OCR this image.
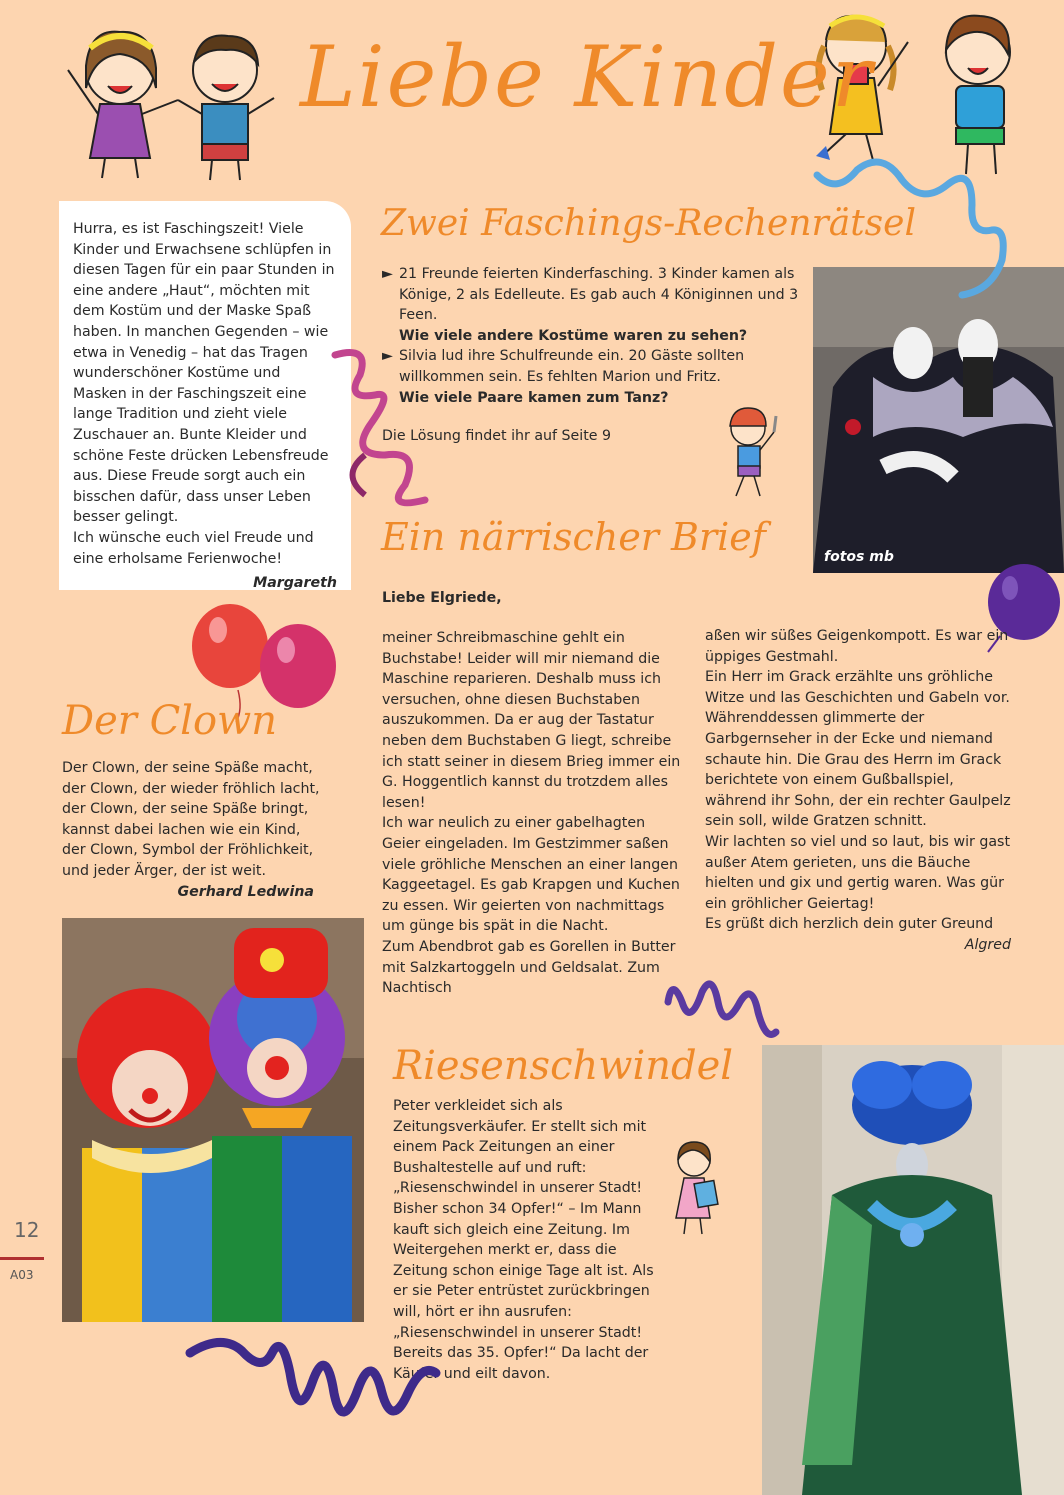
Liebe Kinder

Hurra, es ist Faschingszeit! Viele Kinder und Erwachsene schlüpfen in diesen Tagen für ein paar Stunden in eine andere „Haut“, möchten mit dem Kostüm und der Maske Spaß haben. In manchen Gegenden – wie etwa in Venedig – hat das Tragen wunderschöner Kostüme und Masken in der Faschingszeit eine lange Tradition und zieht viele Zuschauer an. Bunte Kleider und schöne Feste drücken Lebensfreude aus. Diese Freude sorgt auch ein bisschen dafür, dass unser Leben besser gelingt.

Ich wünsche euch viel Freude und eine erholsame Ferienwoche!

Margareth

Zwei Faschings-Rechenrätsel
► 21 Freunde feierten Kinderfasching. 3 Kinder kamen als Könige, 2 als Edelleute. Es gab auch 4 Königinnen und 3 Feen.
Wie viele andere Kostüme waren zu sehen?
► Silvia lud ihre Schulfreunde ein. 20 Gäste sollten willkommen sein. Es fehlten Marion und Fritz.
Wie viele Paare kamen zum Tanz?
Die Lösung findet ihr auf Seite 9
fotos mb
Ein närrischer Brief
Liebe Elgriede,

meiner Schreibmaschine gehlt ein Buchstabe! Leider will mir niemand die Maschine reparieren. Deshalb muss ich versuchen, ohne diesen Buchstaben auszukommen. Da er aug der Tastatur neben dem Buchstaben G liegt, schreibe ich statt seiner in diesem Brieg immer ein G. Hoggentlich kannst du trotzdem alles lesen!

Ich war neulich zu einer gabelhagten Geier eingeladen. Im Gestzimmer saßen viele gröhliche Menschen an einer langen Kaggeetagel. Es gab Krapgen und Kuchen zu essen. Wir geierten von nachmittags um günge bis spät in die Nacht.

Zum Abendbrot gab es Gorellen in Butter mit Salzkartoggeln und Geldsalat. Zum Nachtisch

aßen wir süßes Geigenkompott. Es war ein üppiges Gestmahl.

Ein Herr im Grack erzählte uns gröhliche Witze und las Geschichten und Gabeln vor. Währenddessen glimmerte der Garbgernseher in der Ecke und niemand schaute hin. Die Grau des Herrn im Grack berichtete von einem Gußballspiel, während ihr Sohn, der ein rechter Gaulpelz sein soll, wilde Gratzen schnitt.

Wir lachten so viel und so laut, bis wir gast außer Atem gerieten, uns die Bäuche hielten und gix und gertig waren. Was gür ein gröhlicher Geiertag!

Es grüßt dich herzlich dein guter Greund

Algred

Der Clown
Der Clown, der seine Späße macht,
der Clown, der wieder fröhlich lacht,
der Clown, der seine Späße bringt,
kannst dabei lachen wie ein Kind,
der Clown, Symbol der Fröhlichkeit,
und jeder Ärger, der ist weit.
Gerhard Ledwina
Riesenschwindel
Peter verkleidet sich als Zeitungsverkäufer. Er stellt sich mit einem Pack Zeitungen an einer Bushaltestelle auf und ruft: „Riesenschwindel in unserer Stadt! Bisher schon 34 Opfer!“ – Im Mann kauft sich gleich eine Zeitung. Im Weitergehen merkt er, dass die Zeitung schon einige Tage alt ist. Als er sie Peter entrüstet zurückbringen will, hört er ihn ausrufen: „Riesenschwindel in unserer Stadt! Bereits das 35. Opfer!“ Da lacht der Käufer und eilt davon.
12
A03
